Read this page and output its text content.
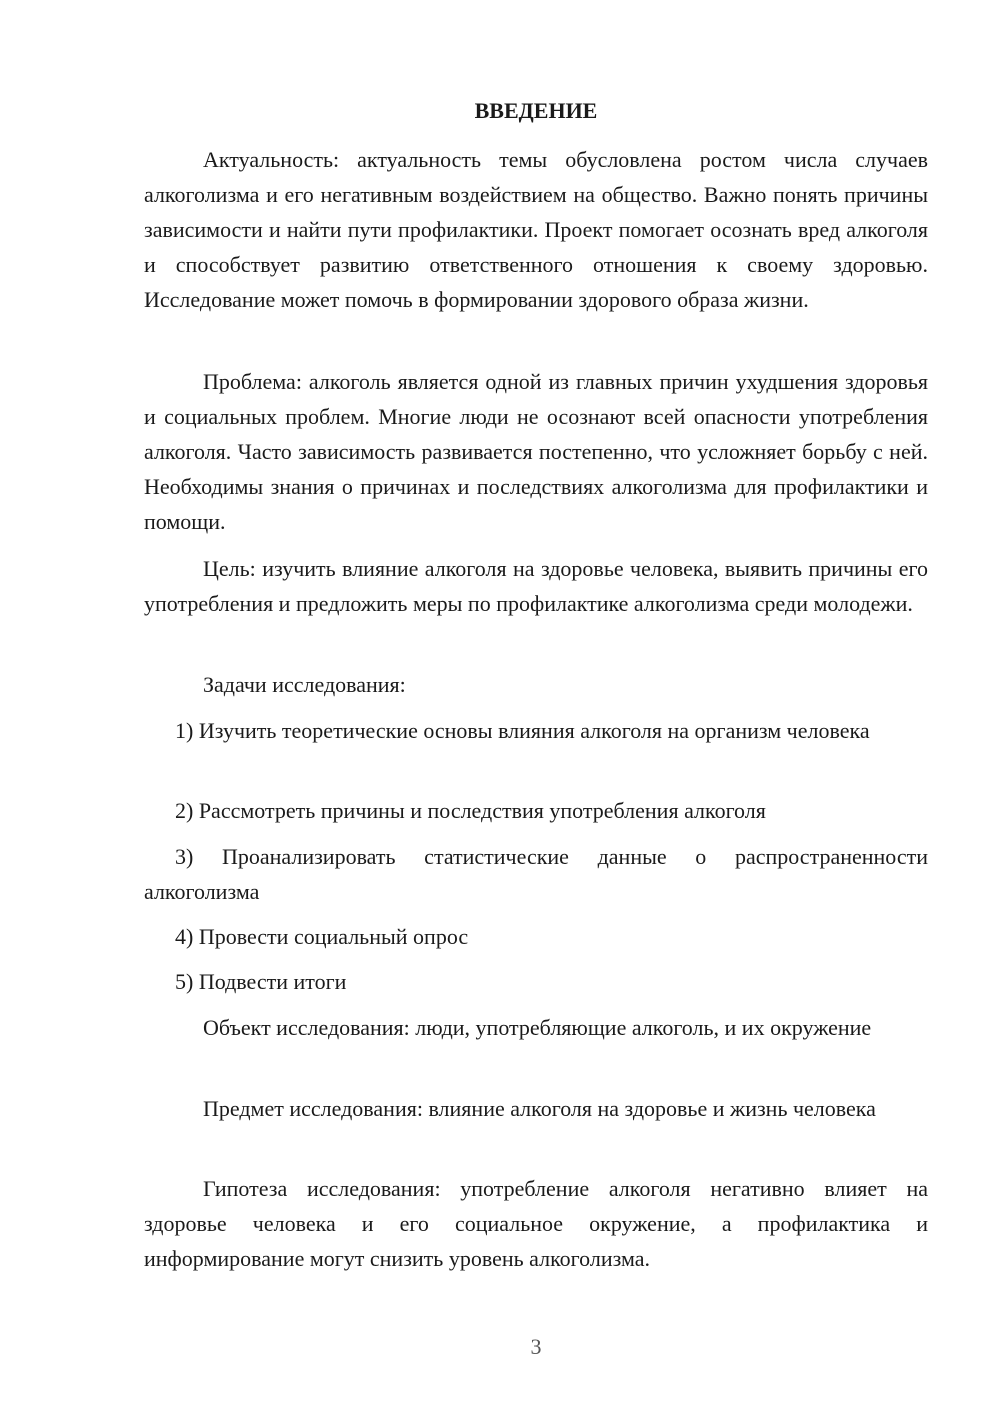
ВВЕДЕНИЕ

Актуальность: актуальность темы обусловлена ростом числа случаев алкоголизма и его негативным воздействием на общество. Важно понять причины зависимости и найти пути профилактики. Проект помогает осознать вред алкоголя и способствует развитию ответственного отношения к своему здоровью. Исследование может помочь в формировании здорового образа жизни.

Проблема: алкоголь является одной из главных причин ухудшения здоровья и социальных проблем. Многие люди не осознают всей опасности употребления алкоголя. Часто зависимость развивается постепенно, что усложняет борьбу с ней. Необходимы знания о причинах и последствиях алкоголизма для профилактики и помощи.

Цель: изучить влияние алкоголя на здоровье человека, выявить причины его употребления и предложить меры по профилактике алкоголизма среди молодежи.

Задачи исследования:

1) Изучить теоретические основы влияния алкоголя на организм человека

2) Рассмотреть причины и последствия употребления алкоголя

3) Проанализировать статистические данные о распространенности алкоголизма

4) Провести социальный опрос

5) Подвести итоги

Объект исследования: люди, употребляющие алкоголь, и их окружение

Предмет исследования: влияние алкоголя на здоровье и жизнь человека

Гипотеза исследования: употребление алкоголя негативно влияет на здоровье человека и его социальное окружение, а профилактика и информирование могут снизить уровень алкоголизма.

3
